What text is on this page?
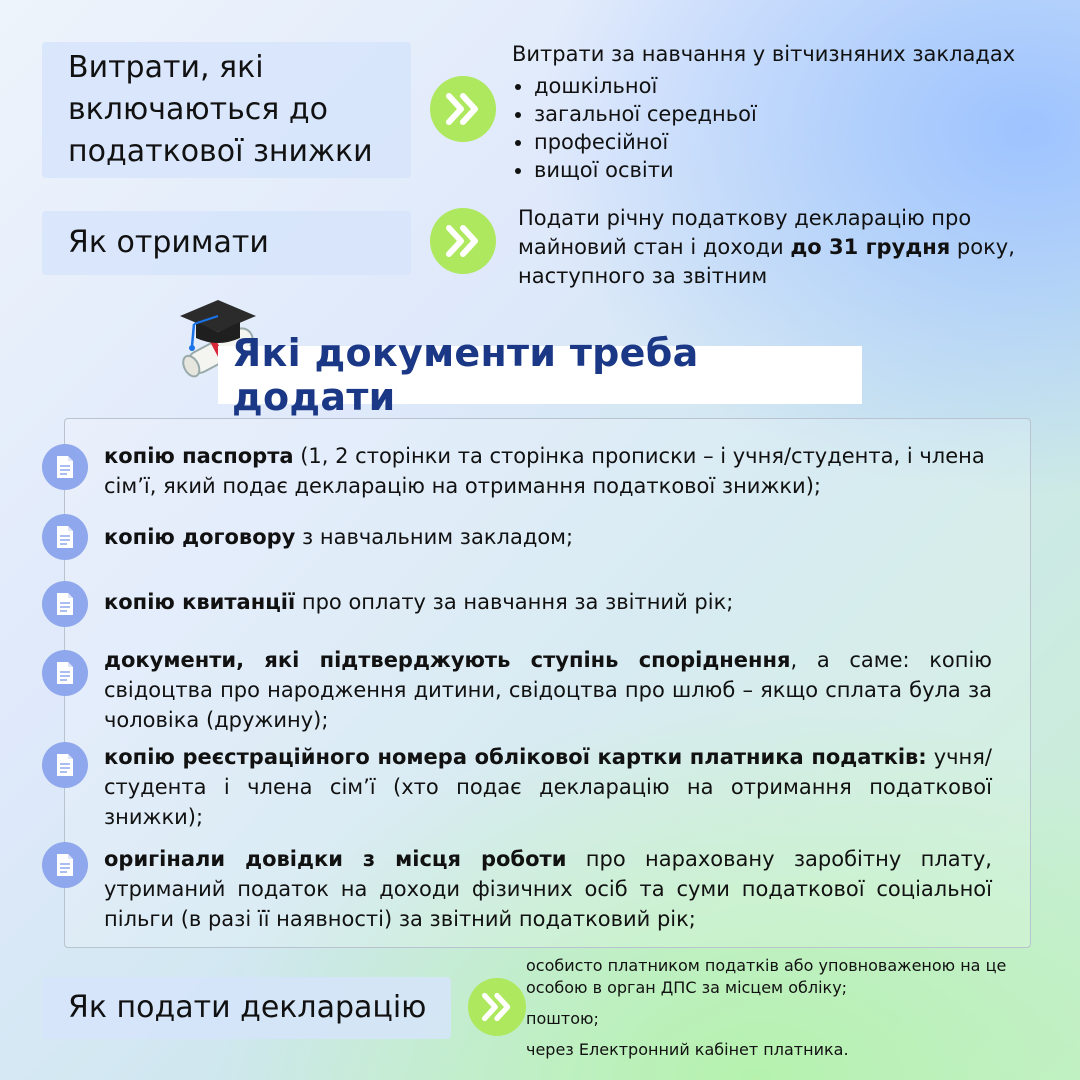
Витрати, які включаються до податкової знижки
Витрати за навчання у вітчизняних закладах
• дошкільної
• загальної середньої
• професійної
• вищої освіти
Як отримати
Подати річну податкову декларацію про майновий стан і доходи до 31 грудня року, наступного за звітним
Які документи треба додати
копію паспорта (1, 2 сторінки та сторінка прописки – і учня/студента, і члена сім’ї, який подає декларацію на отримання податкової знижки);
копію договору з навчальним закладом;
копію квитанції про оплату за навчання за звітний рік;
документи, які підтверджують ступінь споріднення, а саме: копію свідоцтва про народження дитини, свідоцтва про шлюб – якщо сплата була за чоловіка (дружину);
копію реєстраційного номера облікової картки платника податків: учня/студента і члена сім’ї (хто подає декларацію на отримання податкової знижки);
оригінали довідки з місця роботи про нараховану заробітну плату, утриманий податок на доходи фізичних осіб та суми податкової соціальної пільги (в разі її наявності) за звітний податковий рік;
Як подати декларацію
особисто платником податків або уповноваженою на це особою в орган ДПС за місцем обліку;
поштою;
через Електронний кабінет платника.
